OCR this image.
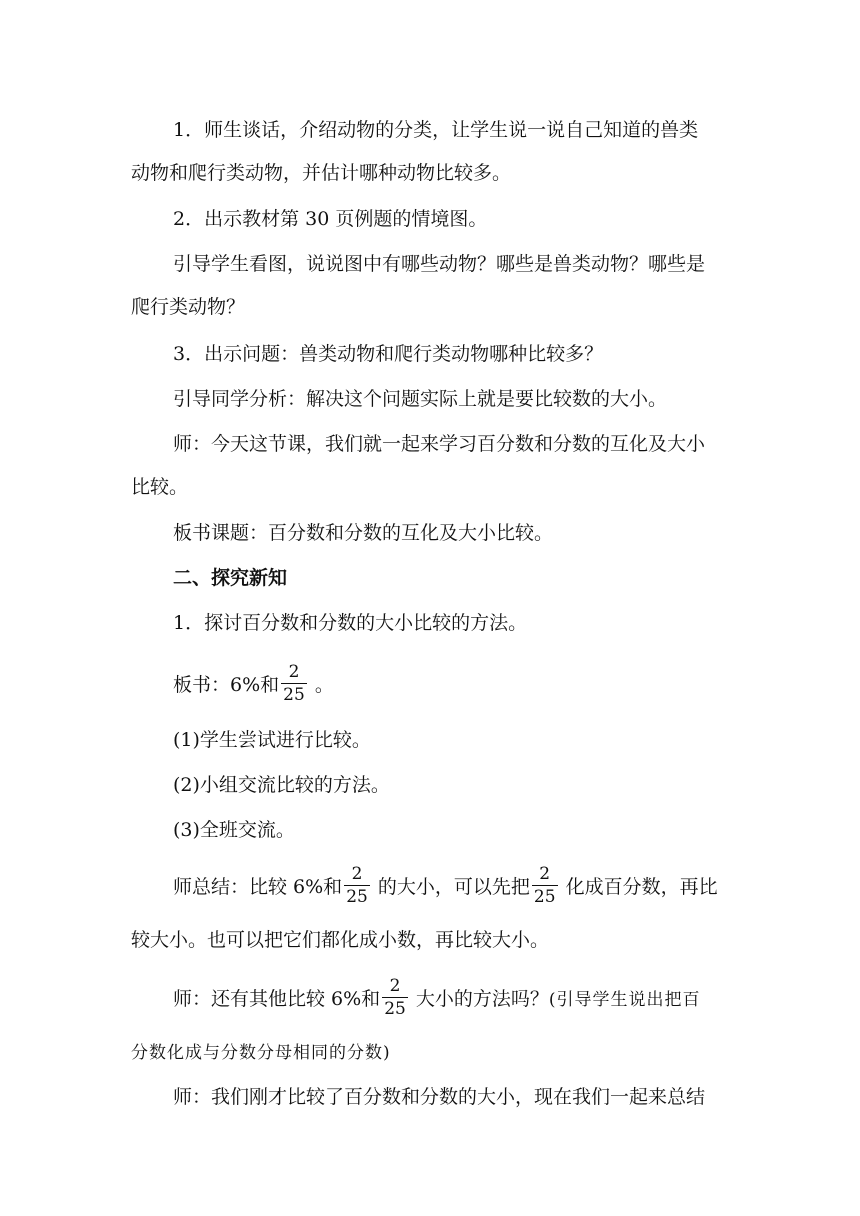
1．师生谈话，介绍动物的分类，让学生说一说自己知道的兽类
动物和爬行类动物，并估计哪种动物比较多。
2．出示教材第 30 页例题的情境图。
引导学生看图，说说图中有哪些动物？哪些是兽类动物？哪些是
爬行类动物？
3．出示问题：兽类动物和爬行类动物哪种比较多？
引导同学分析：解决这个问题实际上就是要比较数的大小。
师：今天这节课，我们就一起来学习百分数和分数的互化及大小
比较。
板书课题：百分数和分数的互化及大小比较。
二、探究新知
1．探讨百分数和分数的大小比较的方法。
板书：6%和 $\frac{2}{25}$ 。
(1)学生尝试进行比较。
(2)小组交流比较的方法。
(3)全班交流。
师总结：比较 6%和 $\frac{2}{25}$ 的大小，可以先把 $\frac{2}{25}$ 化成百分数，再比
较大小。也可以把它们都化成小数，再比较大小。
师：还有其他比较 6%和 $\frac{2}{25}$ 大小的方法吗？(引导学生说出把百
分数化成与分数分母相同的分数)
师：我们刚才比较了百分数和分数的大小，现在我们一起来总结
